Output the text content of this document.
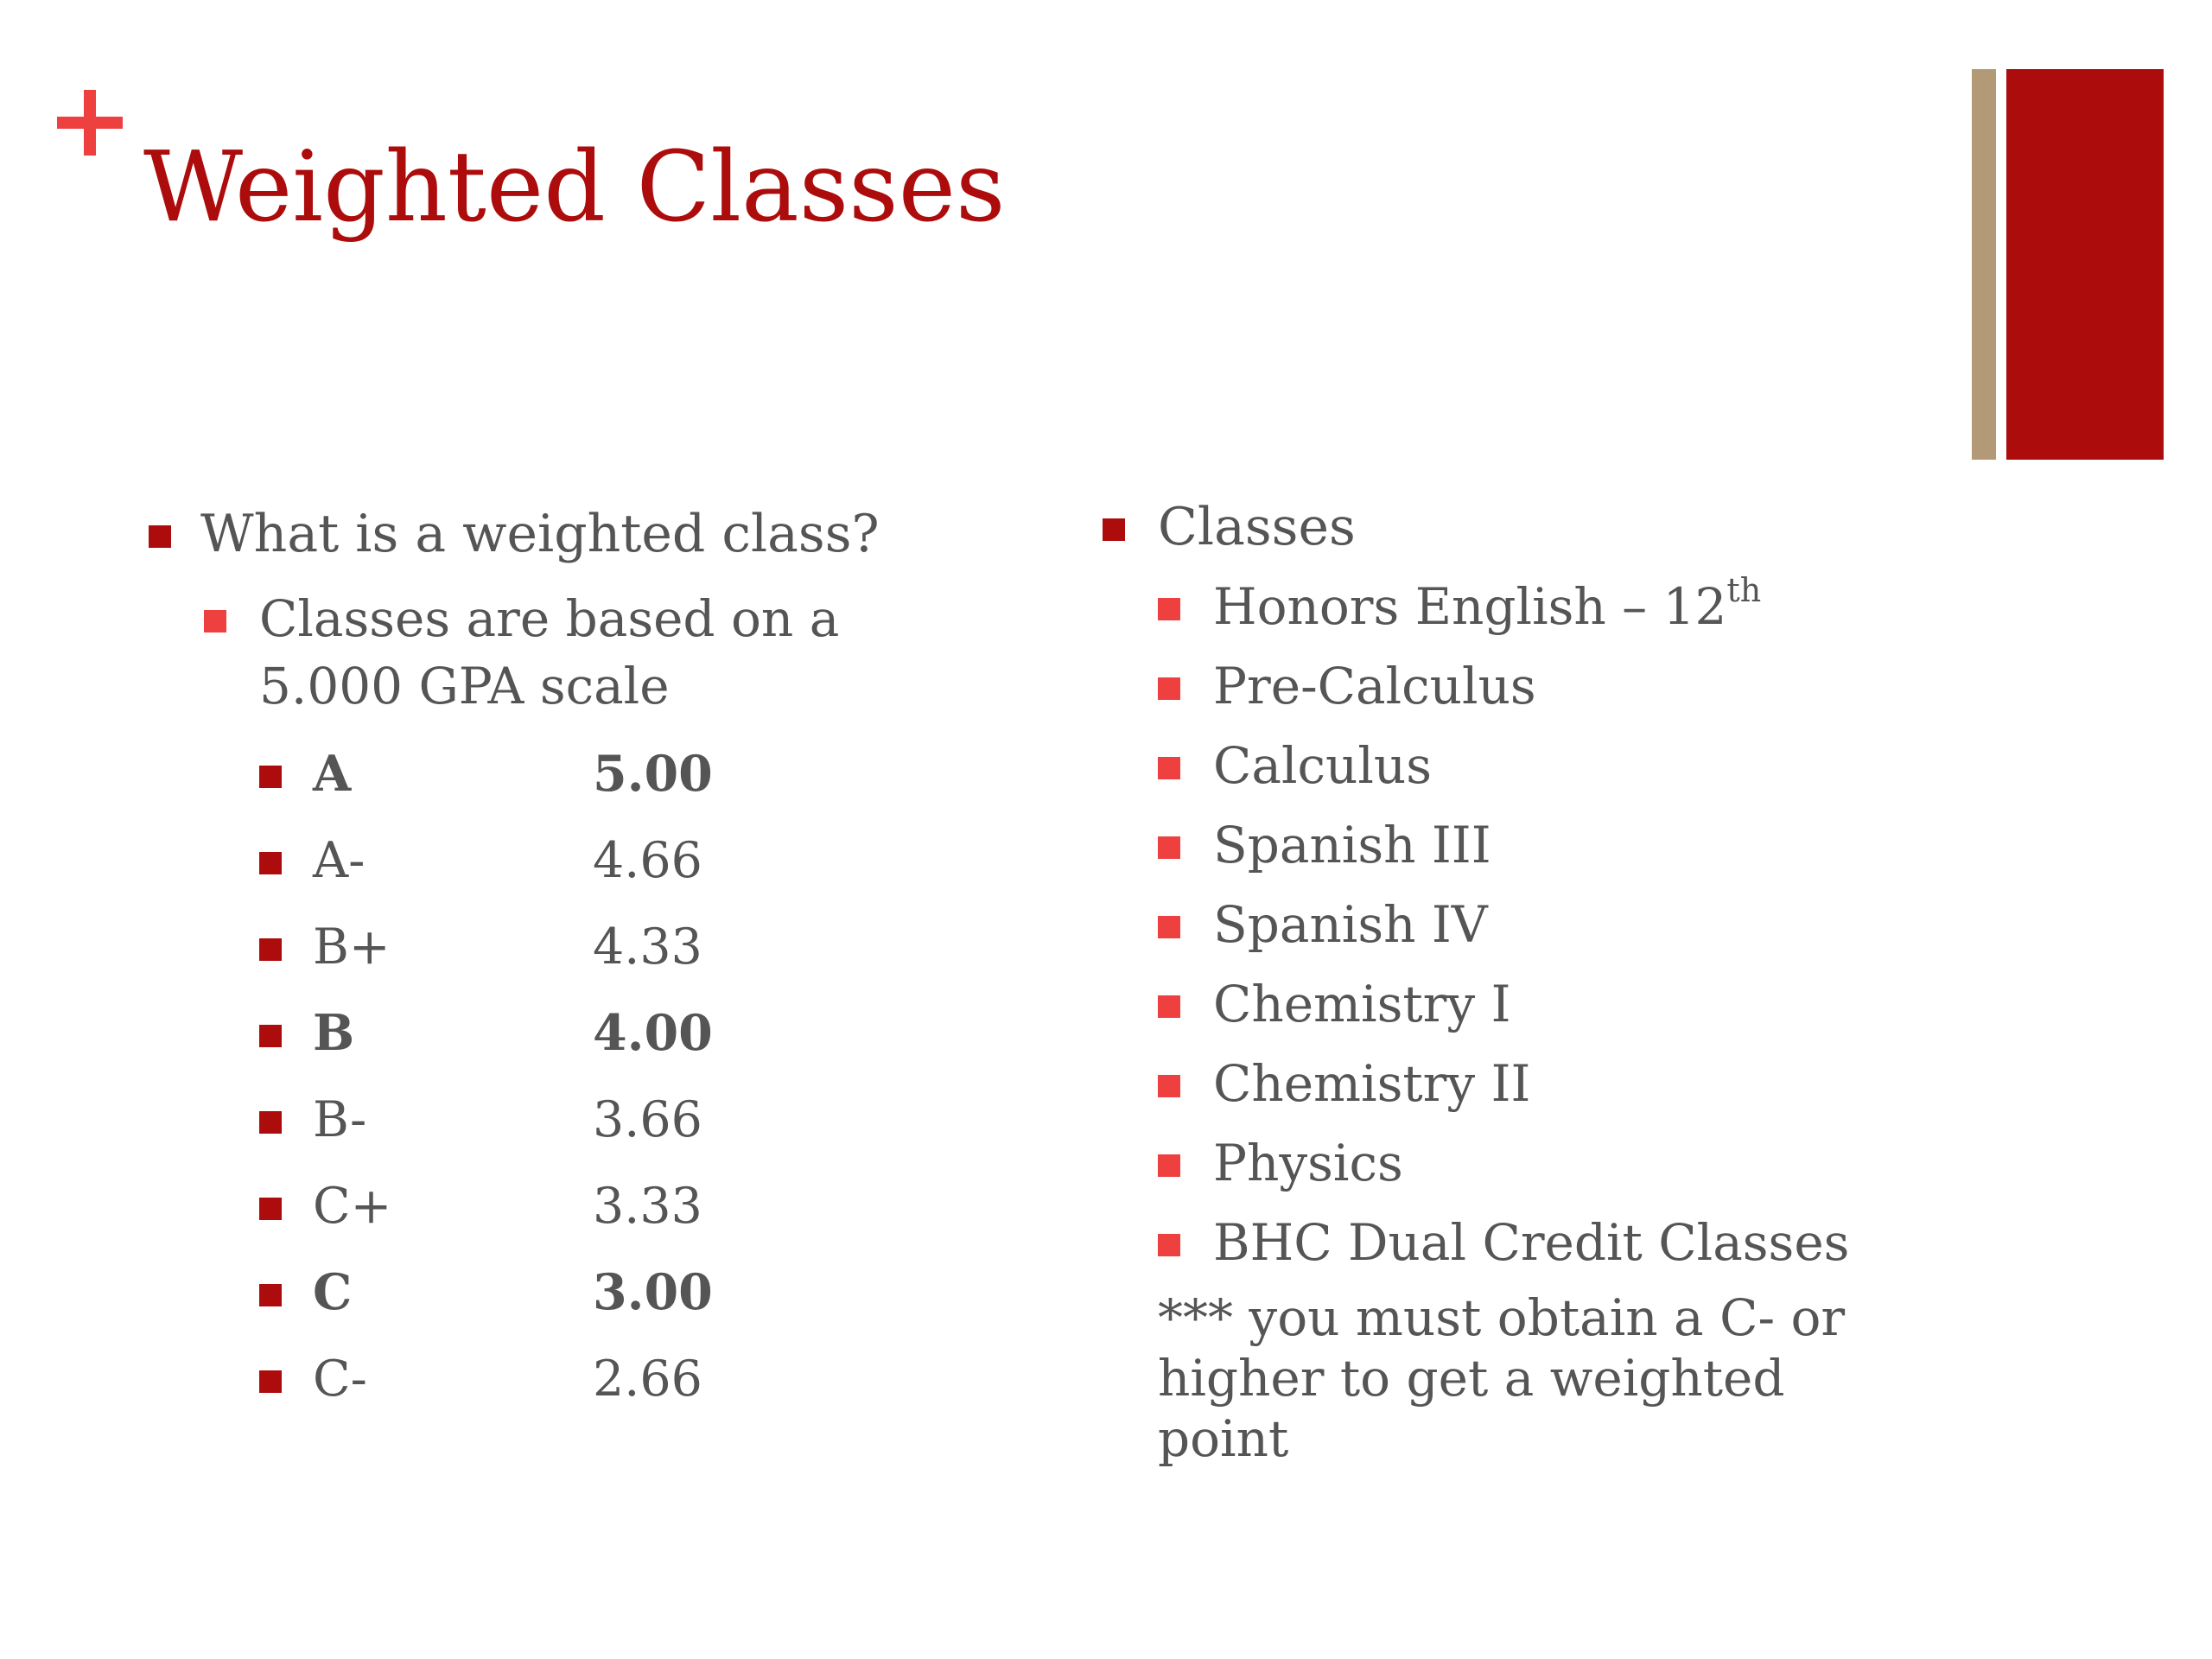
Weighted Classes
What is a weighted class?
Classes are based on a
5.000 GPA scale
A	5.00
A-	4.66
B+	4.33
B	4.00
B-	3.66
C+	3.33
C	3.00
C-	2.66
Classes
Honors English – 12th
Pre-Calculus
Calculus
Spanish III
Spanish IV
Chemistry I
Chemistry II
Physics
BHC Dual Credit Classes
*** you must obtain a C- or higher to get a weighted point
